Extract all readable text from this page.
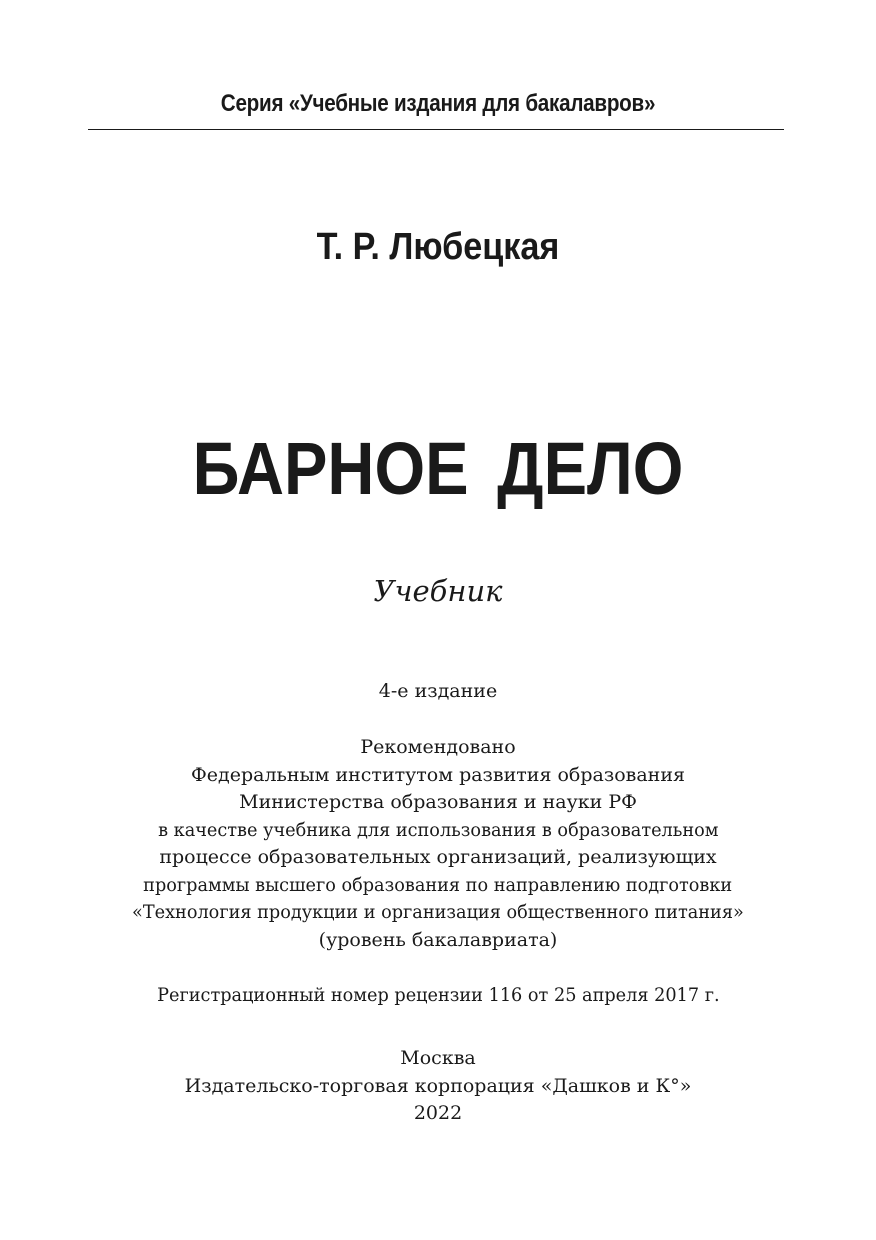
Серия «Учебные издания для бакалавров»
Т. Р. Любецкая
БАРНОЕ ДЕЛО
Учебник
4-е издание
Рекомендовано
Федеральным институтом развития образования
Министерства образования и науки РФ
в качестве учебника для использования в образовательном
процессе образовательных организаций, реализующих
программы высшего образования по направлению подготовки
«Технология продукции и организация общественного питания»
(уровень бакалавриата)
Регистрационный номер рецензии 116 от 25 апреля 2017 г.
Москва
Издательско-торговая корпорация «Дашков и К°»
2022
